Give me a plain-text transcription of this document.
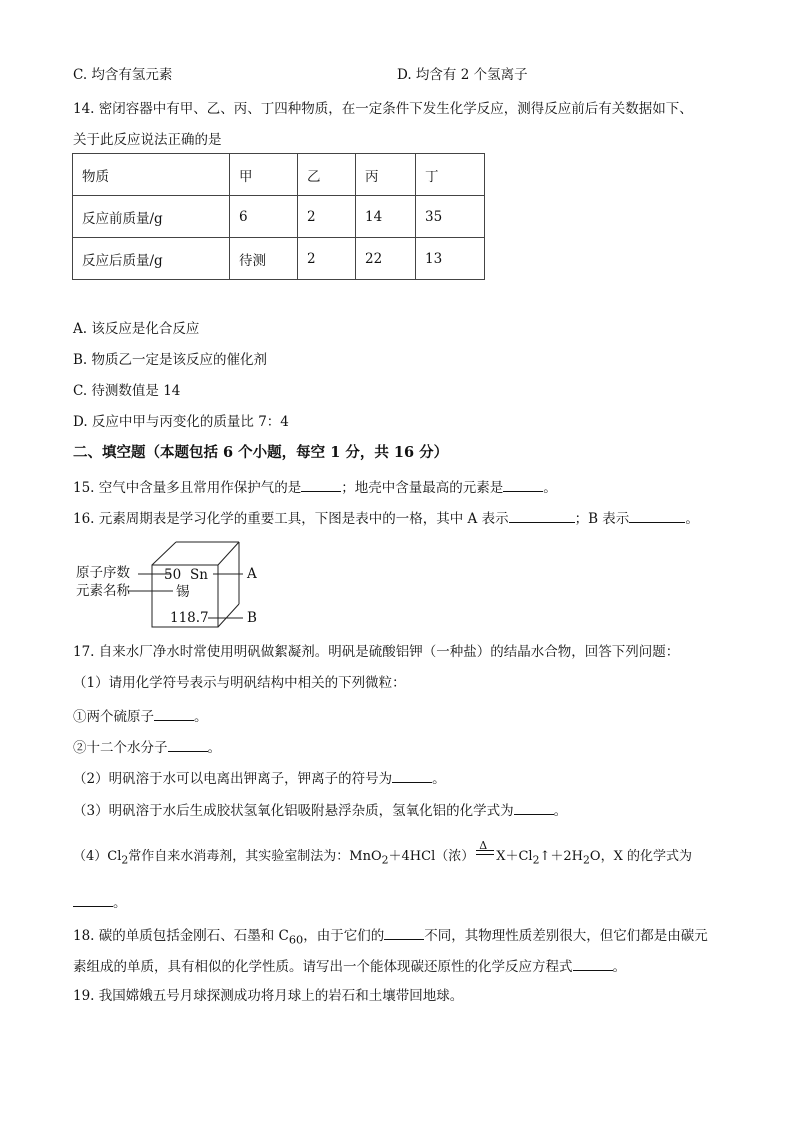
C. 均含有氢元素	D. 均含有 2 个氢离子
14. 密闭容器中有甲、乙、丙、丁四种物质，在一定条件下发生化学反应，测得反应前后有关数据如下、
关于此反应说法正确的是
物质	甲	乙	丙	丁
反应前质量/g	6	2	14	35
反应后质量/g	待测	2	22	13
A. 该反应是化合反应
B. 物质乙一定是该反应的催化剂
C. 待测数值是 14
D. 反应中甲与丙变化的质量比 7：4
二、填空题（本题包括 6 个小题，每空 1 分，共 16 分）
15. 空气中含量多且常用作保护气的是	；地壳中含量最高的元素是	。
16. 元素周期表是学习化学的重要工具，下图是表中的一格，其中 A 表示	；B 表示	。
原子序数
元素名称
50 Sn
锡
118.7
A
B
17. 自来水厂净水时常使用明矾做絮凝剂。明矾是硫酸铝钾（一种盐）的结晶水合物，回答下列问题：
（1）请用化学符号表示与明矾结构中相关的下列微粒：
①两个硫原子	。
②十二个水分子	。
（2）明矾溶于水可以电离出钾离子，钾离子的符号为	。
（3）明矾溶于水后生成胶状氢氧化铝吸附悬浮杂质，氢氧化铝的化学式为	。
$(4)Cl_2$常作自来水消毒剂，其实验室制法为：MnO$_2$＋4HCl（浓）
Δ
$X+Cl_2↑+2H_2O$，X 的化学式为
。
18. 碳的单质包括金刚石、石墨和 $C_{60}$，由于它们的	不同，其物理性质差别很大，但它们都是由碳元
素组成的单质，具有相似的化学性质。请写出一个能体现碳还原性的化学反应方程式	。
19. 我国嫦娥五号月球探测成功将月球上的岩石和土壤带回地球。
